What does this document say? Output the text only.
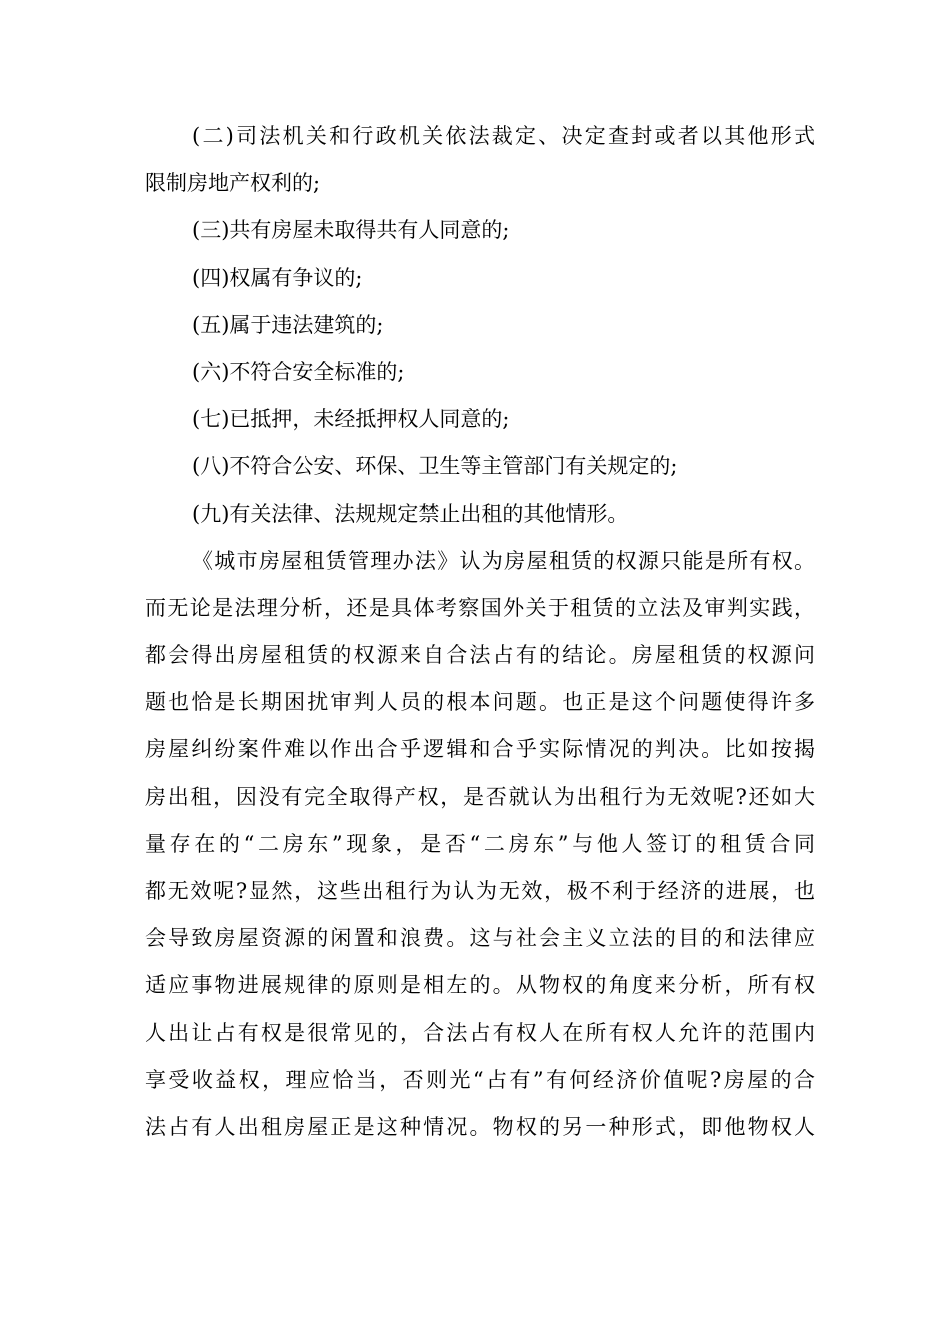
(二)司法机关和行政机关依法裁定、决定查封或者以其他形式
限制房地产权利的;
(三)共有房屋未取得共有人同意的;
(四)权属有争议的;
(五)属于违法建筑的;
(六)不符合安全标准的;
(七)已抵押，未经抵押权人同意的;
(八)不符合公安、环保、卫生等主管部门有关规定的;
(九)有关法律、法规规定禁止出租的其他情形。
《城市房屋租赁管理办法》认为房屋租赁的权源只能是所有权。
而无论是法理分析，还是具体考察国外关于租赁的立法及审判实践，
都会得出房屋租赁的权源来自合法占有的结论。房屋租赁的权源问
题也恰是长期困扰审判人员的根本问题。也正是这个问题使得许多
房屋纠纷案件难以作出合乎逻辑和合乎实际情况的判决。比如按揭
房出租，因没有完全取得产权，是否就认为出租行为无效呢?还如大
量存在的“二房东”现象，是否“二房东”与他人签订的租赁合同
都无效呢?显然，这些出租行为认为无效，极不利于经济的进展，也
会导致房屋资源的闲置和浪费。这与社会主义立法的目的和法律应
适应事物进展规律的原则是相左的。从物权的角度来分析，所有权
人出让占有权是很常见的，合法占有权人在所有权人允许的范围内
享受收益权，理应恰当，否则光“占有”有何经济价值呢?房屋的合
法占有人出租房屋正是这种情况。物权的另一种形式，即他物权人
